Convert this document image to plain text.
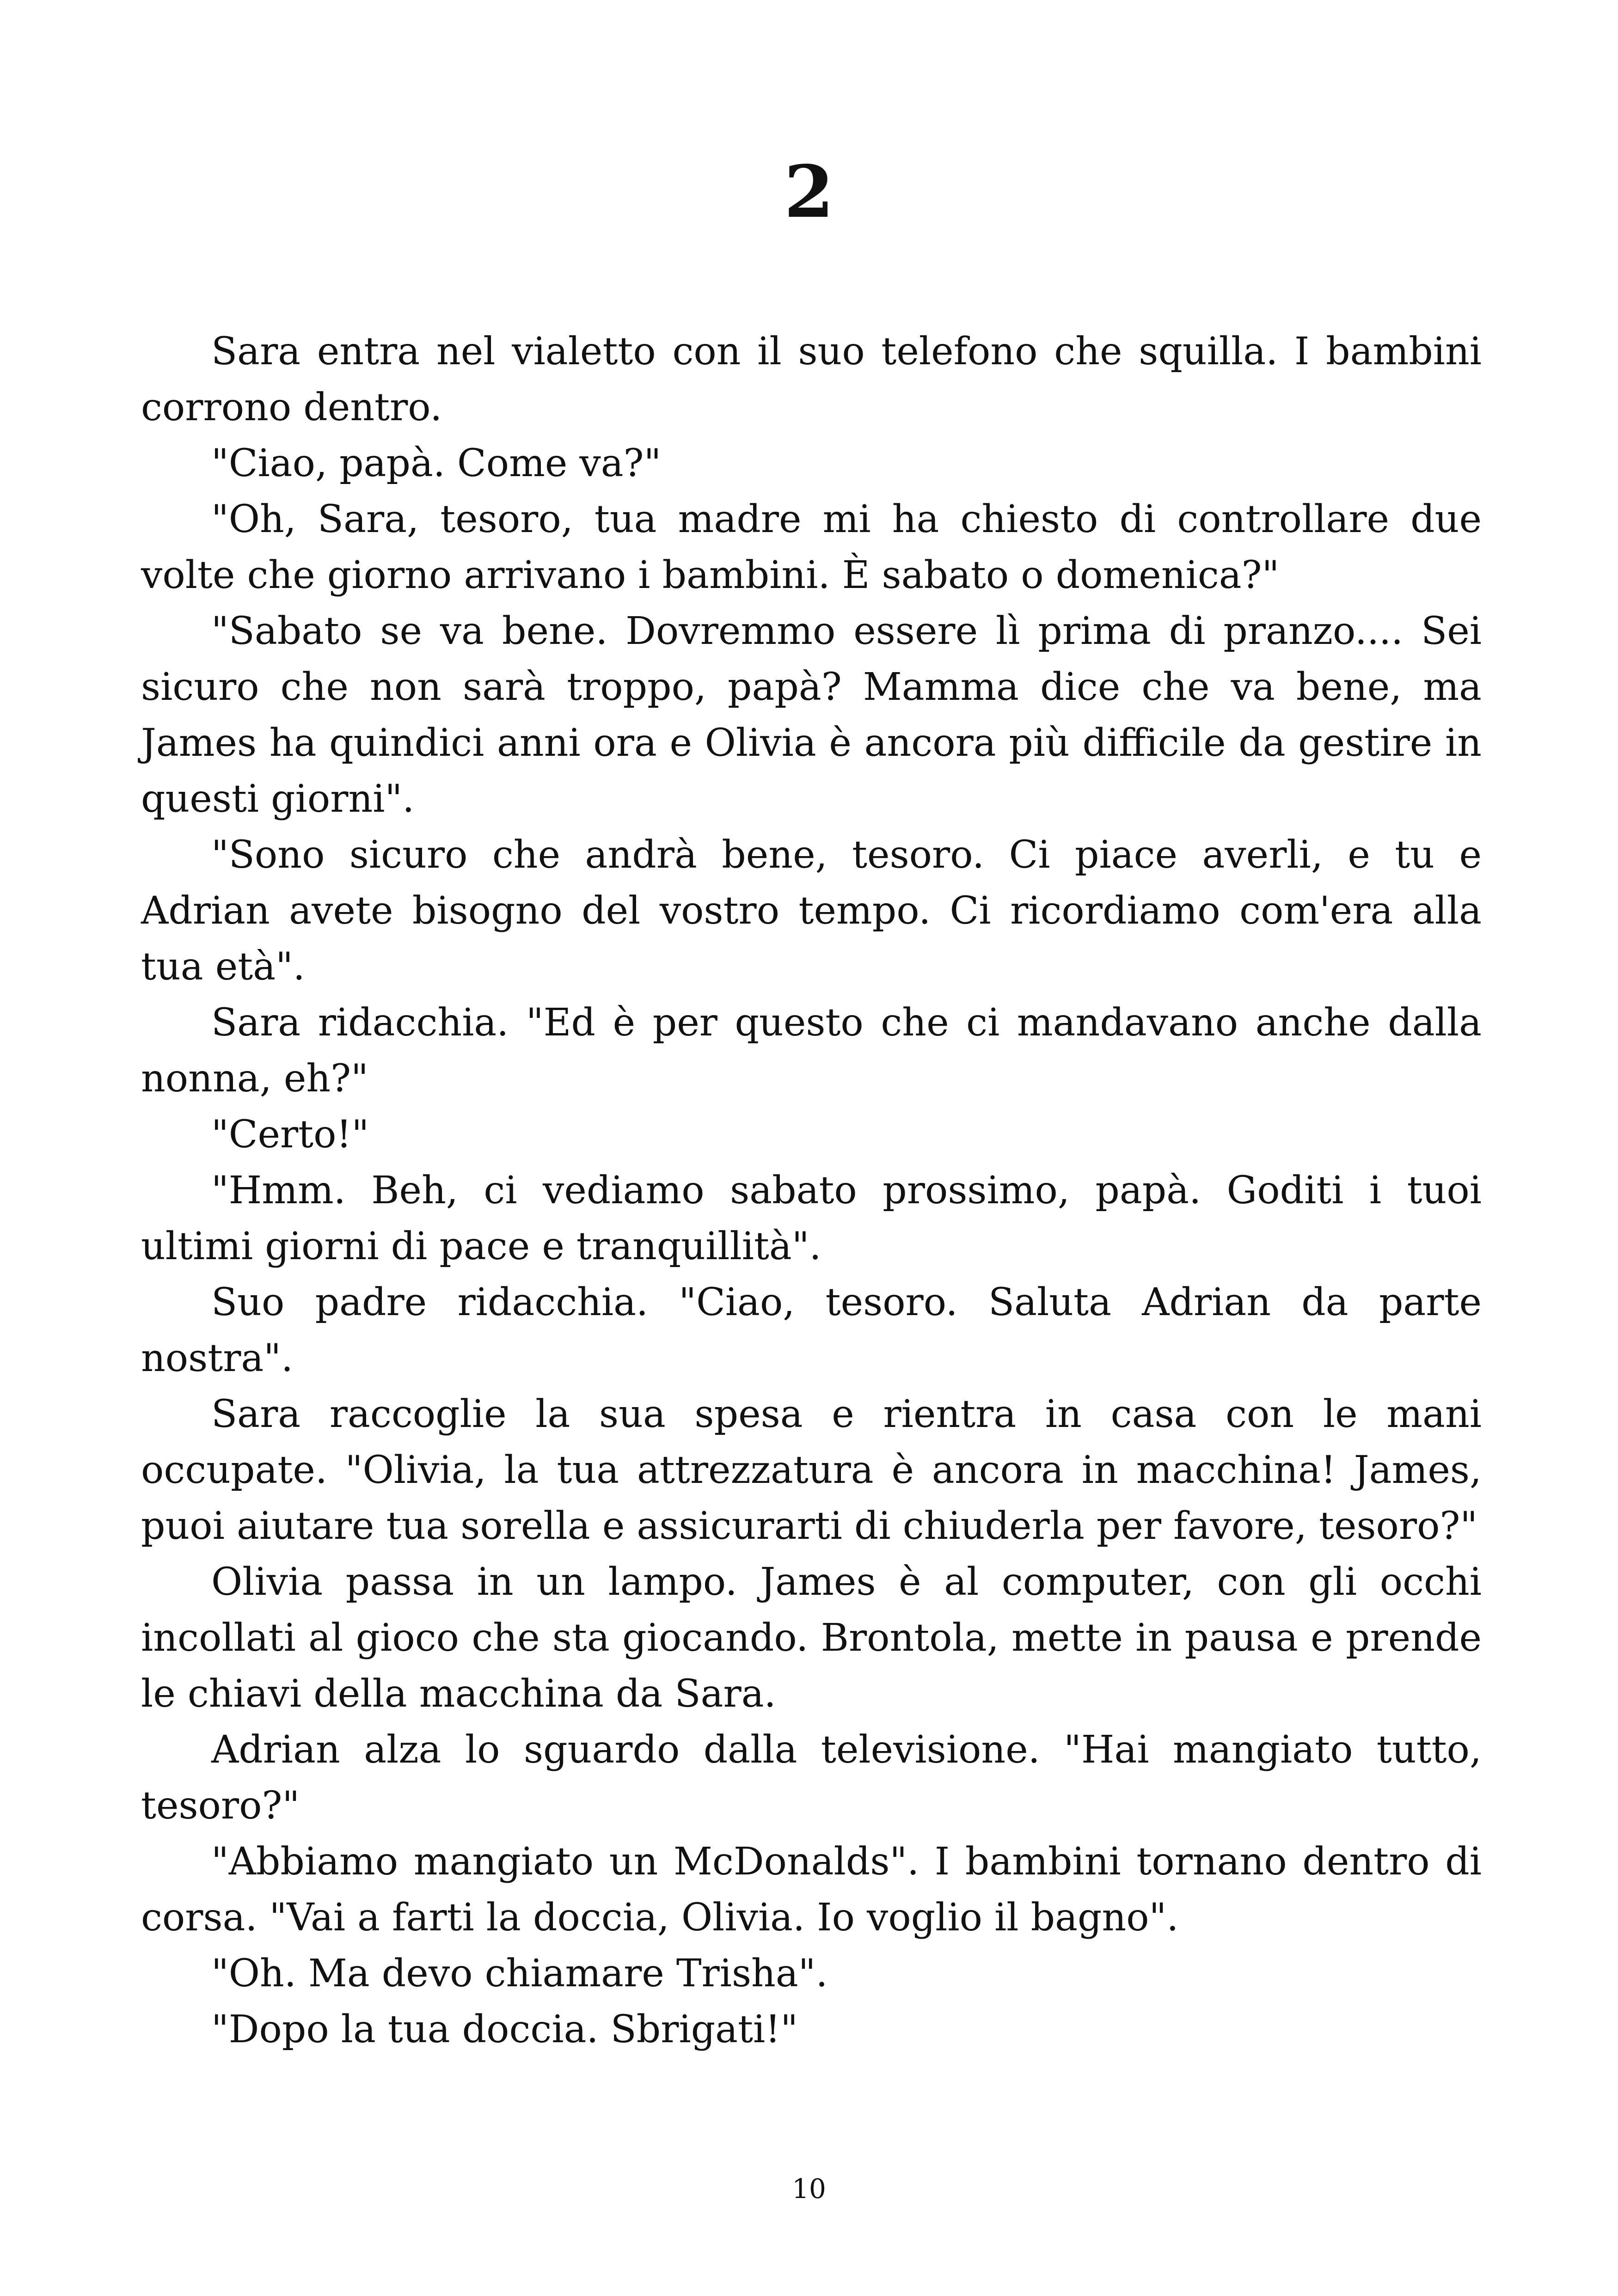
2

Sara entra nel vialetto con il suo telefono che squilla. I bambini corrono dentro.

"Ciao, papà. Come va?"

"Oh, Sara, tesoro, tua madre mi ha chiesto di controllare due volte che giorno arrivano i bambini. È sabato o domenica?"

"Sabato se va bene. Dovremmo essere lì prima di pranzo.... Sei sicuro che non sarà troppo, papà? Mamma dice che va bene, ma James ha quindici anni ora e Olivia è ancora più difficile da gestire in questi giorni".

"Sono sicuro che andrà bene, tesoro. Ci piace averli, e tu e Adrian avete bisogno del vostro tempo. Ci ricordiamo com'era alla tua età".

Sara ridacchia. "Ed è per questo che ci mandavano anche dalla nonna, eh?"

"Certo!"

"Hmm. Beh, ci vediamo sabato prossimo, papà. Goditi i tuoi ultimi giorni di pace e tranquillità".

Suo padre ridacchia. "Ciao, tesoro. Saluta Adrian da parte nostra".

Sara raccoglie la sua spesa e rientra in casa con le mani occupate. "Olivia, la tua attrezzatura è ancora in macchina! James, puoi aiutare tua sorella e assicurarti di chiuderla per favore, tesoro?"

Olivia passa in un lampo. James è al computer, con gli occhi incollati al gioco che sta giocando. Brontola, mette in pausa e prende le chiavi della macchina da Sara.

Adrian alza lo sguardo dalla televisione. "Hai mangiato tutto, tesoro?"

"Abbiamo mangiato un McDonalds". I bambini tornano dentro di corsa. "Vai a farti la doccia, Olivia. Io voglio il bagno".

"Oh. Ma devo chiamare Trisha".

"Dopo la tua doccia. Sbrigati!"

10
